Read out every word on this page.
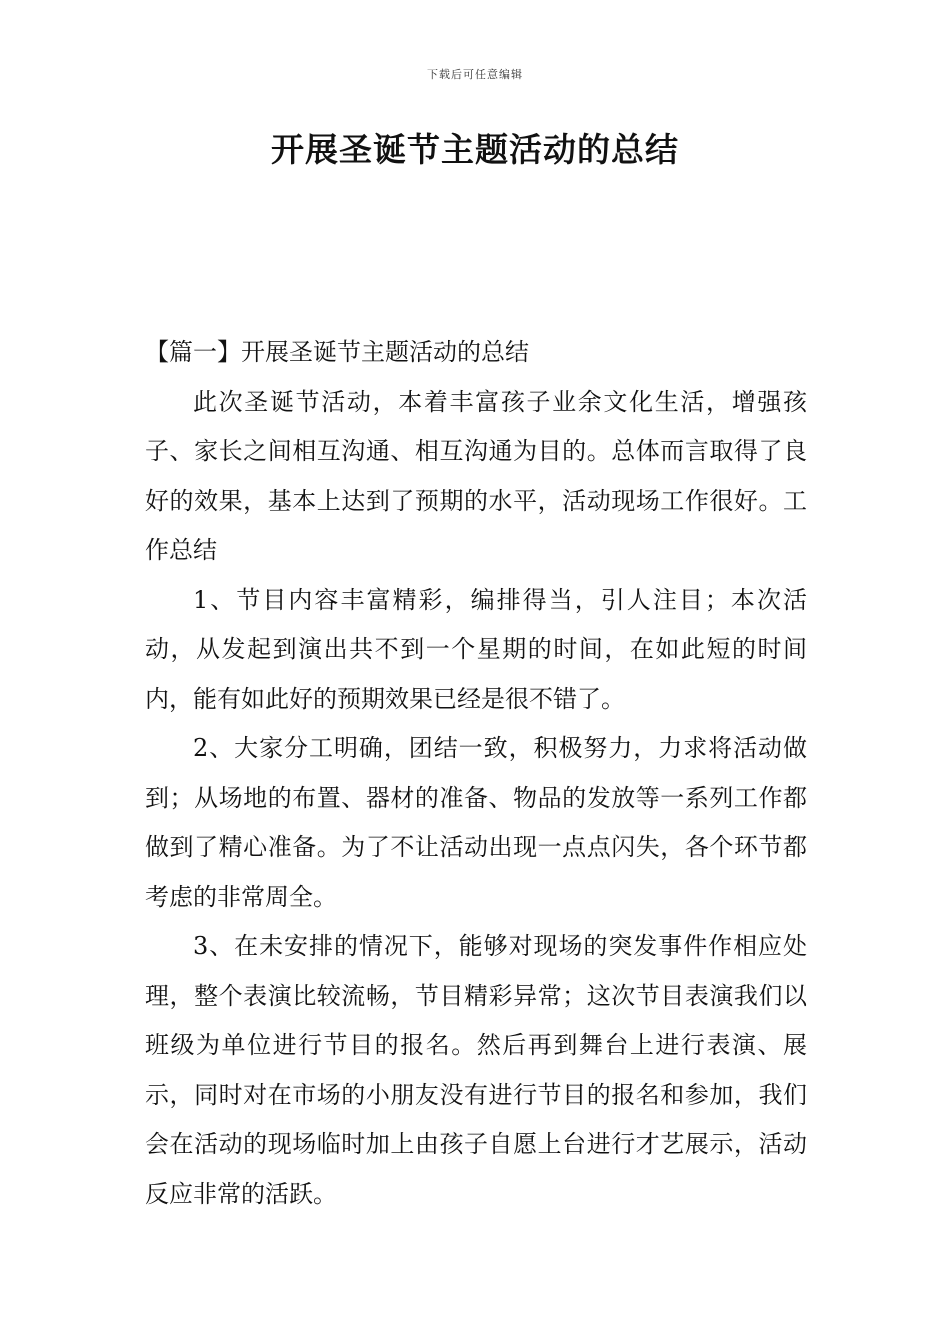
下载后可任意编辑
开展圣诞节主题活动的总结

【篇一】开展圣诞节主题活动的总结

此次圣诞节活动，本着丰富孩子业余文化生活，增强孩子、家长之间相互沟通、相互沟通为目的。总体而言取得了良好的效果，基本上达到了预期的水平，活动现场工作很好。工作总结

1、节目内容丰富精彩，编排得当，引人注目；本次活动，从发起到演出共不到一个星期的时间，在如此短的时间内，能有如此好的预期效果已经是很不错了。

2、大家分工明确，团结一致，积极努力，力求将活动做到；从场地的布置、器材的准备、物品的发放等一系列工作都做到了精心准备。为了不让活动出现一点点闪失，各个环节都考虑的非常周全。

3、在未安排的情况下，能够对现场的突发事件作相应处理，整个表演比较流畅，节目精彩异常；这次节目表演我们以班级为单位进行节目的报名。然后再到舞台上进行表演、展示，同时对在市场的小朋友没有进行节目的报名和参加，我们会在活动的现场临时加上由孩子自愿上台进行才艺展示，活动反应非常的活跃。
